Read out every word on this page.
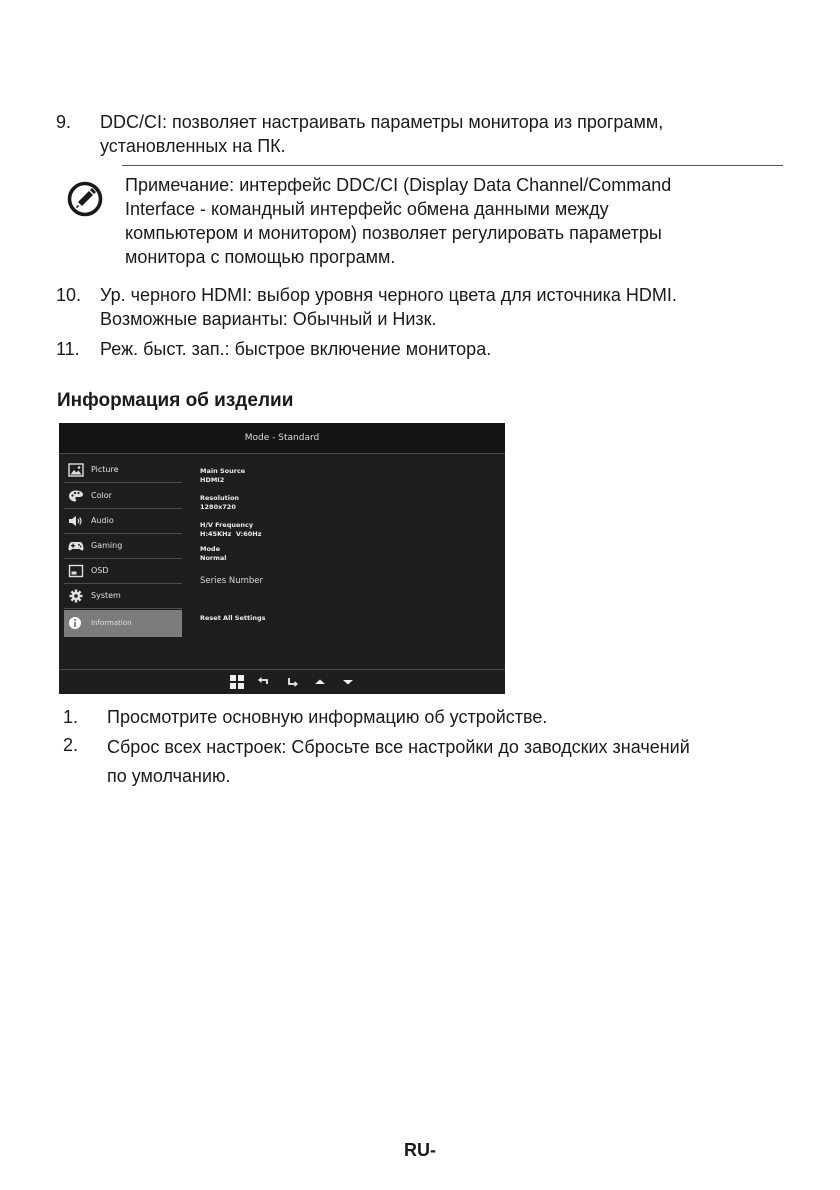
9. DDC/CI: позволяет настраивать параметры монитора из программ,
установленных на ПК.
Примечание: интерфейс DDC/CI (Display Data Channel/Command
Interface - командный интерфейс обмена данными между
компьютером и монитором) позволяет регулировать параметры
монитора с помощью программ.
10. Ур. черного HDMI: выбор уровня черного цвета для источника HDMI.
Возможные варианты: Обычный и Низк.
11. Реж. быст. зап.: быстрое включение монитора.
Информация об изделии
Mode - Standard
Picture
Color
Audio
Gaming
OSD
System
Information
Main Source
HDMI2
Resolution
1280x720
H/V Frequency
H:45KHz  V:60Hz
Mode
Normal
Series Number
Reset All Settings
1. Просмотрите основную информацию об устройстве.
2. Сброс всех настроек: Сбросьте все настройки до заводских значений
по умолчанию.
RU-
